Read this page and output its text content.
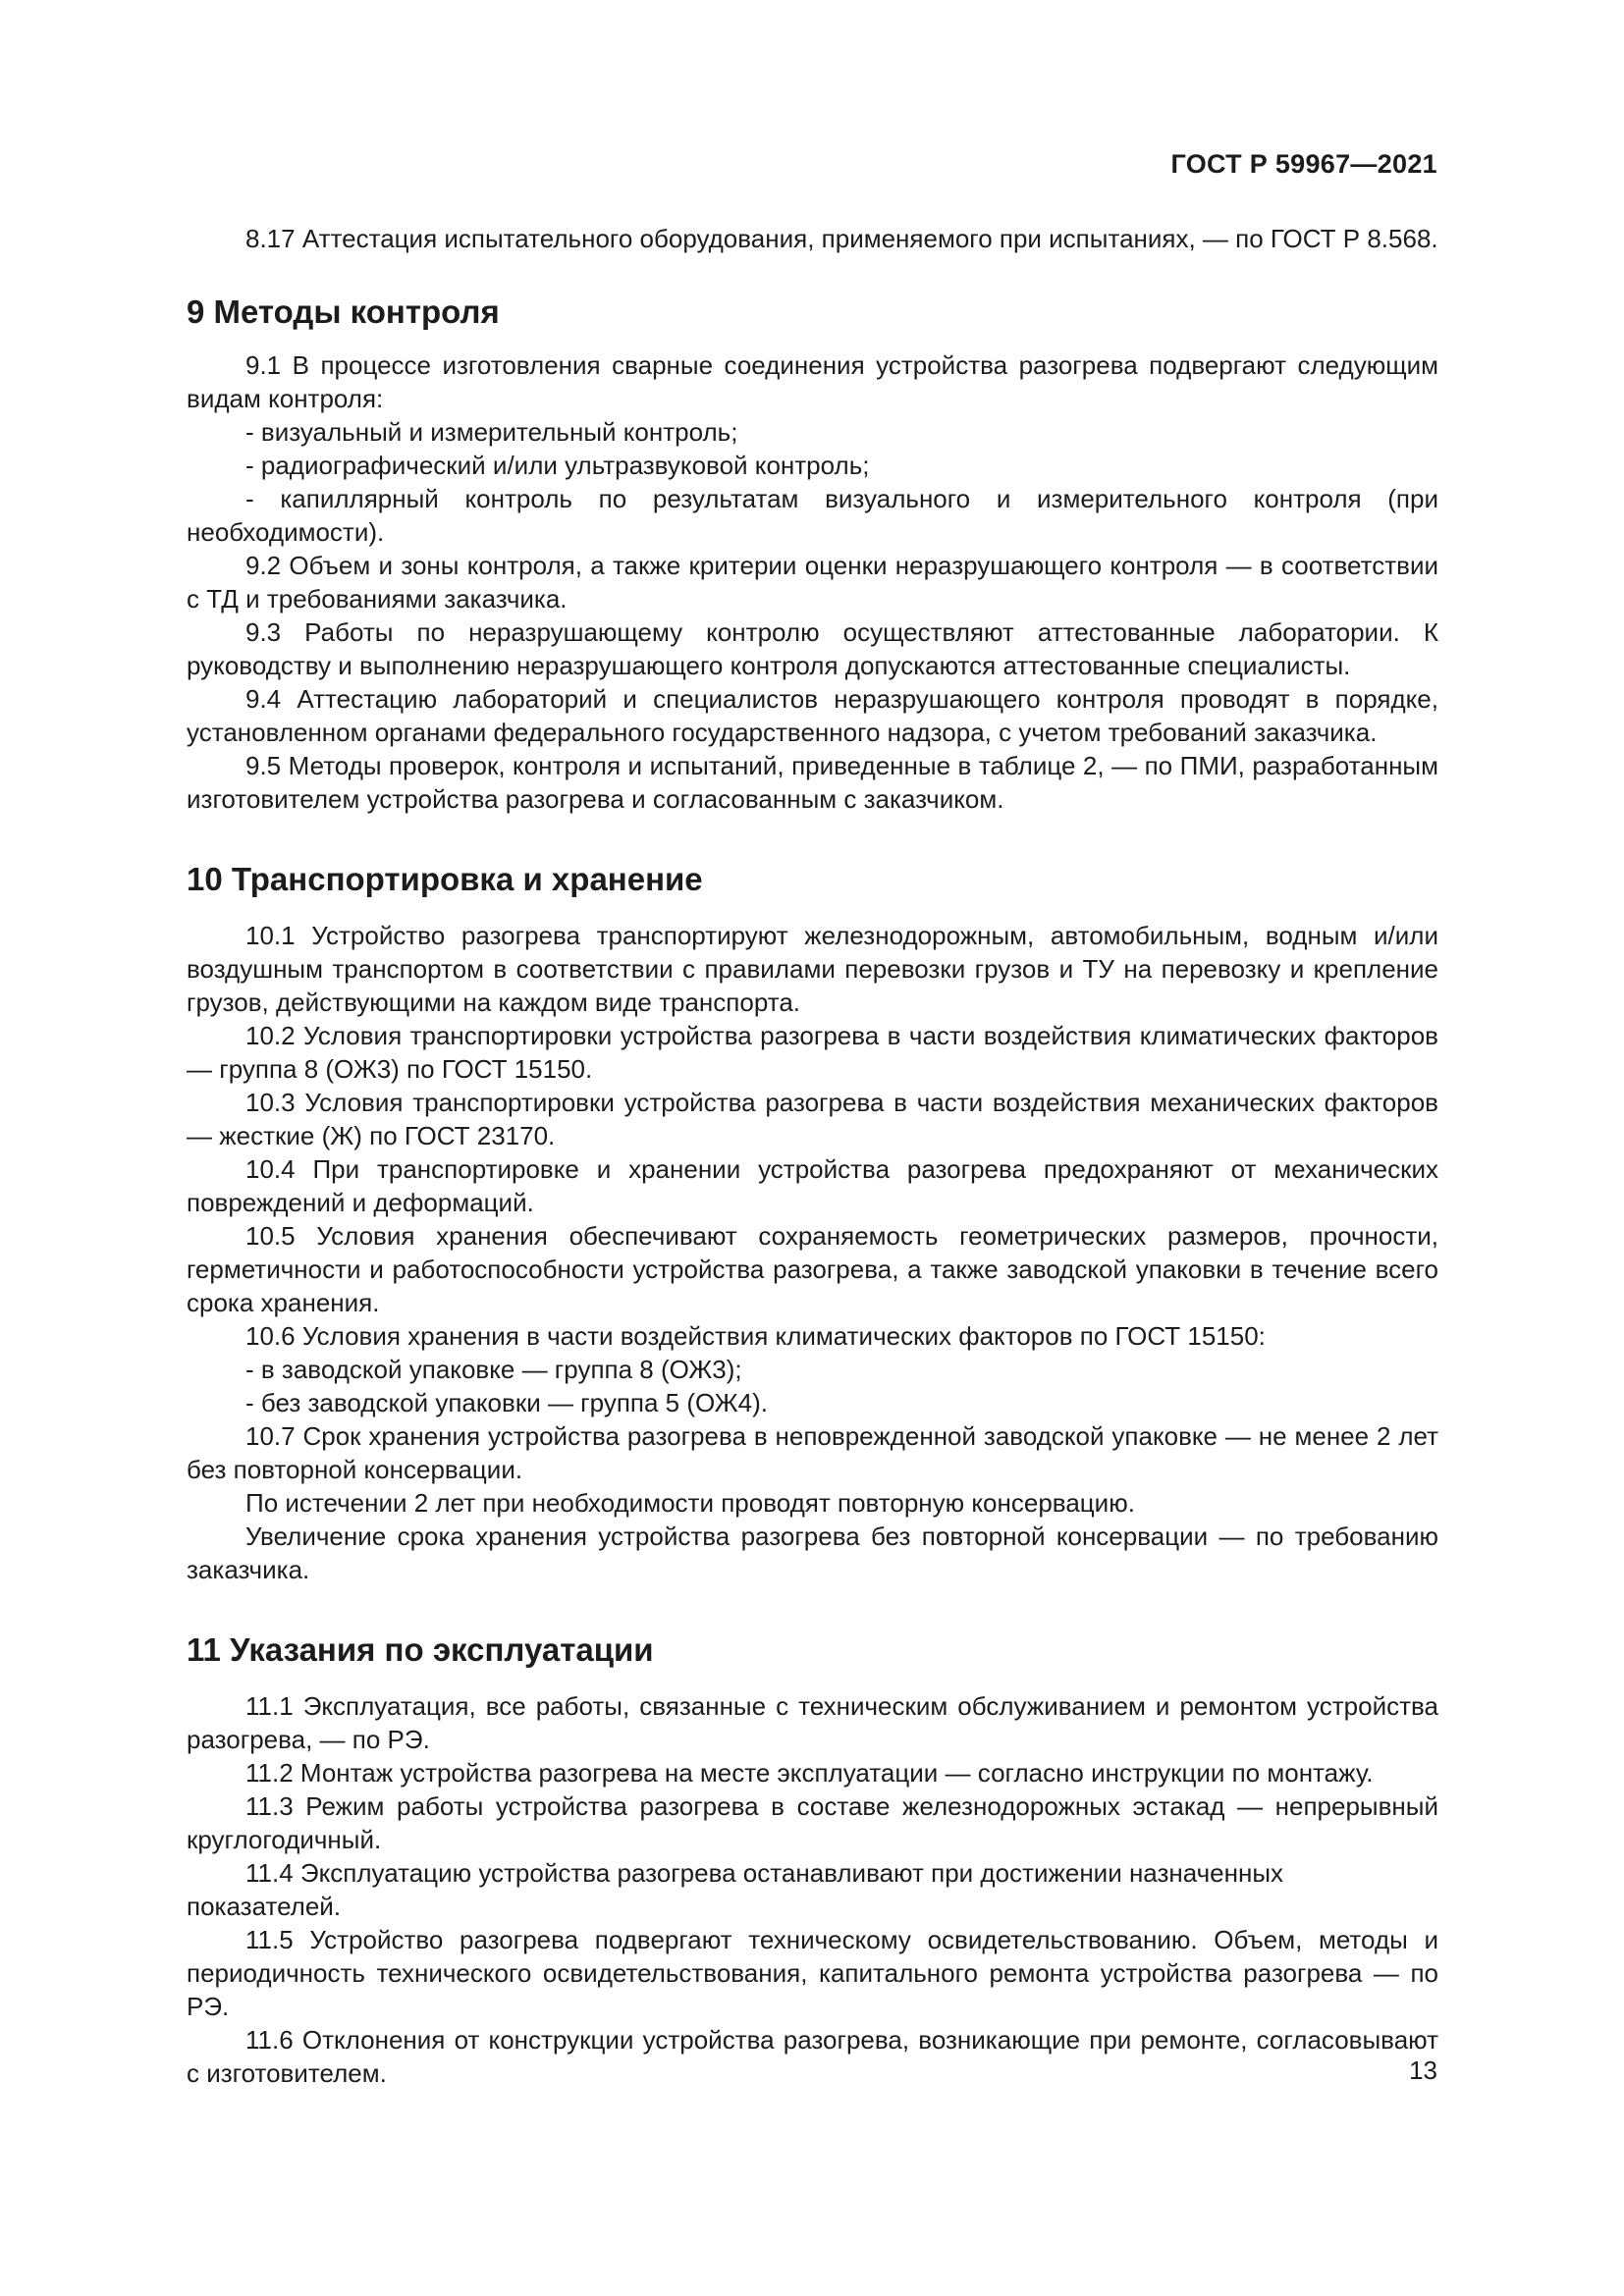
ГОСТ Р 59967—2021

8.17 Аттестация испытательного оборудования, применяемого при испытаниях, — по ГОСТ Р 8.568.

9 Методы контроля

9.1 В процессе изготовления сварные соединения устройства разогрева подвергают следующим видам контроля:

- визуальный и измерительный контроль;

- радиографический и/или ультразвуковой контроль;

- капиллярный контроль по результатам визуального и измерительного контроля (при необходимости).

9.2 Объем и зоны контроля, а также критерии оценки неразрушающего контроля — в соответствии с ТД и требованиями заказчика.

9.3 Работы по неразрушающему контролю осуществляют аттестованные лаборатории. К руководству и выполнению неразрушающего контроля допускаются аттестованные специалисты.

9.4 Аттестацию лабораторий и специалистов неразрушающего контроля проводят в порядке, установленном органами федерального государственного надзора, с учетом требований заказчика.

9.5 Методы проверок, контроля и испытаний, приведенные в таблице 2, — по ПМИ, разработанным изготовителем устройства разогрева и согласованным с заказчиком.

10 Транспортировка и хранение

10.1 Устройство разогрева транспортируют железнодорожным, автомобильным, водным и/или воздушным транспортом в соответствии с правилами перевозки грузов и ТУ на перевозку и крепление грузов, действующими на каждом виде транспорта.

10.2 Условия транспортировки устройства разогрева в части воздействия климатических факторов — группа 8 (ОЖ3) по ГОСТ 15150.

10.3 Условия транспортировки устройства разогрева в части воздействия механических факторов — жесткие (Ж) по ГОСТ 23170.

10.4 При транспортировке и хранении устройства разогрева предохраняют от механических повреждений и деформаций.

10.5 Условия хранения обеспечивают сохраняемость геометрических размеров, прочности, герметичности и работоспособности устройства разогрева, а также заводской упаковки в течение всего срока хранения.

10.6 Условия хранения в части воздействия климатических факторов по ГОСТ 15150:

- в заводской упаковке — группа 8 (ОЖ3);

- без заводской упаковки — группа 5 (ОЖ4).

10.7 Срок хранения устройства разогрева в неповрежденной заводской упаковке — не менее 2 лет без повторной консервации.

По истечении 2 лет при необходимости проводят повторную консервацию.

Увеличение срока хранения устройства разогрева без повторной консервации — по требованию заказчика.

11 Указания по эксплуатации

11.1 Эксплуатация, все работы, связанные с техническим обслуживанием и ремонтом устройства разогрева, — по РЭ.

11.2 Монтаж устройства разогрева на месте эксплуатации — согласно инструкции по монтажу.

11.3 Режим работы устройства разогрева в составе железнодорожных эстакад — непрерывный круглогодичный.

11.4 Эксплуатацию устройства разогрева останавливают при достижении назначенных показателей.

11.5 Устройство разогрева подвергают техническому освидетельствованию. Объем, методы и периодичность технического освидетельствования, капитального ремонта устройства разогрева — по РЭ.

11.6 Отклонения от конструкции устройства разогрева, возникающие при ремонте, согласовывают с изготовителем.	13
